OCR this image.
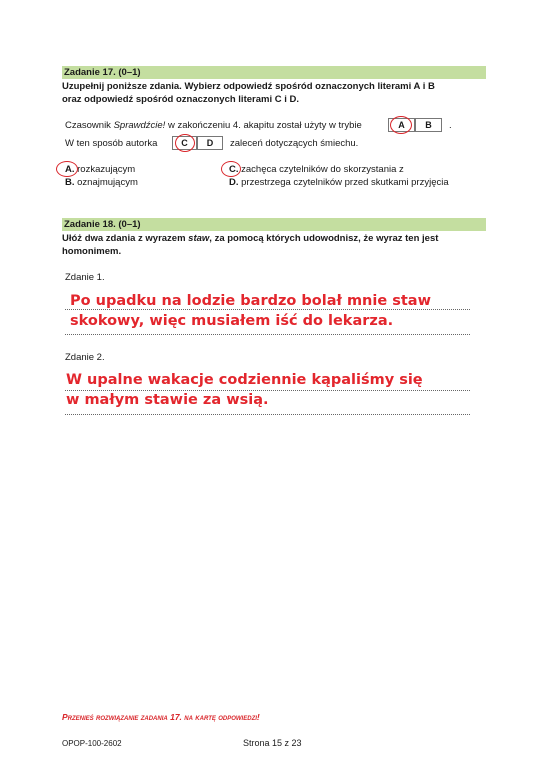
Zadanie 17. (0–1)
Uzupełnij poniższe zdania. Wybierz odpowiedź spośród oznaczonych literami A i B
oraz odpowiedź spośród oznaczonych literami C i D.
Czasownik Sprawdźcie! w zakończeniu 4. akapitu został użyty w trybie	A	B	.
W ten sposób autorka	C	D	zaleceń dotyczących śmiechu.
A. rozkazującym
B. oznajmującym
C. zachęca czytelników do skorzystania z
D. przestrzega czytelników przed skutkami przyjęcia
Zadanie 18. (0–1)
Ułóż dwa zdania z wyrazem staw, za pomocą których udowodnisz, że wyraz ten jest
homonimem.
Zdanie 1.
Po upadku na lodzie bardzo bolał mnie staw
skokowy, więc musiałem iść do lekarza.
Zdanie 2.
W upalne wakacje codziennie kąpaliśmy się
w małym stawie za wsią.
Przenieś rozwiązanie zadania 17. na kartę odpowiedzi!
OPOP-100-2602	Strona 15 z 23
